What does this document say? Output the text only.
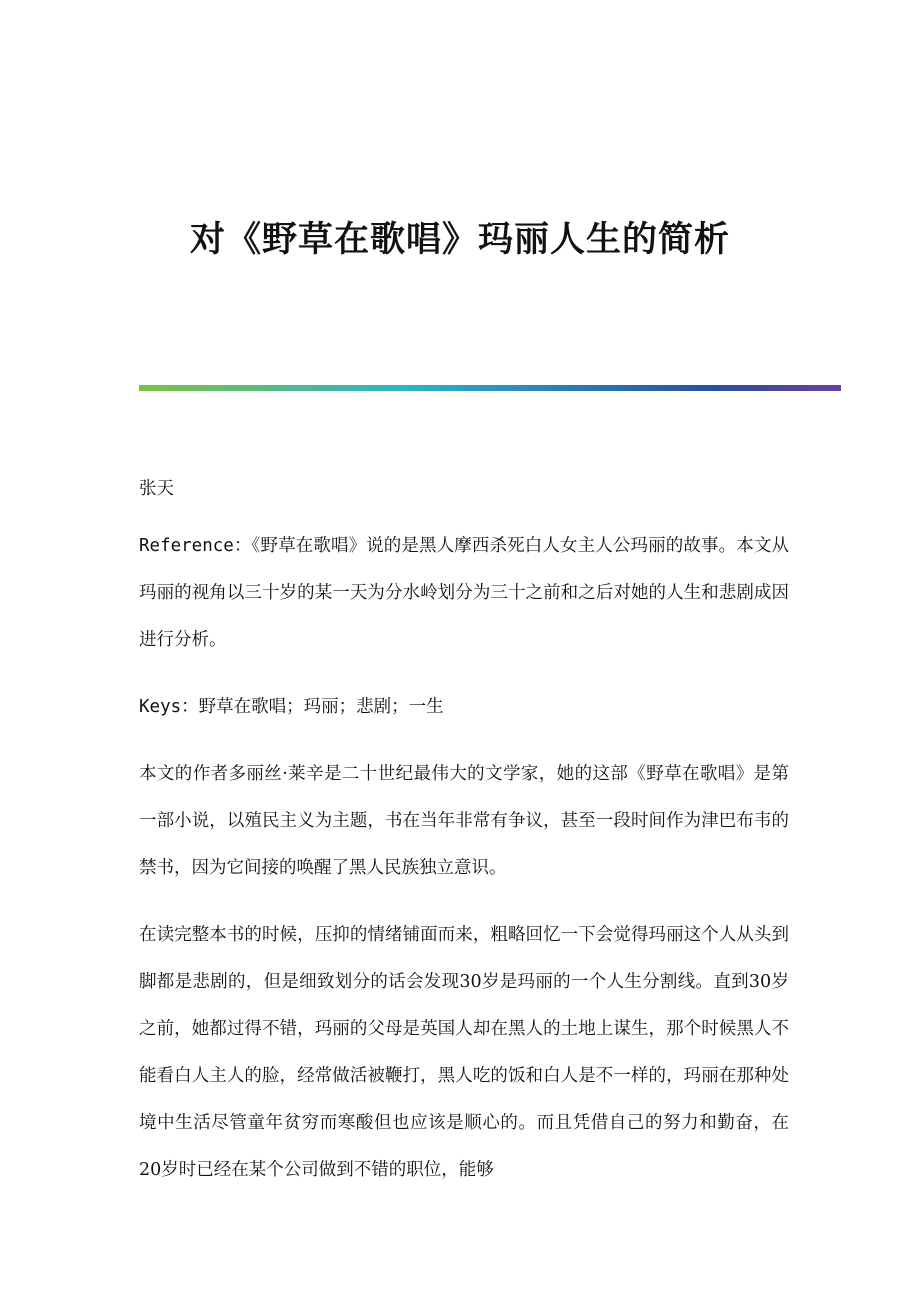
对《野草在歌唱》玛丽人生的简析

张天

Reference：《野草在歌唱》说的是黑人摩西杀死白人女主人公玛丽的故事。本文从玛丽的视角以三十岁的某一天为分水岭划分为三十之前和之后对她的人生和悲剧成因进行分析。

Keys：野草在歌唱；玛丽；悲剧；一生

本文的作者多丽丝·莱辛是二十世纪最伟大的文学家，她的这部《野草在歌唱》是第一部小说，以殖民主义为主题，书在当年非常有争议，甚至一段时间作为津巴布韦的禁书，因为它间接的唤醒了黑人民族独立意识。

在读完整本书的时候，压抑的情绪铺面而来，粗略回忆一下会觉得玛丽这个人从头到脚都是悲剧的，但是细致划分的话会发现30岁是玛丽的一个人生分割线。直到30岁之前，她都过得不错，玛丽的父母是英国人却在黑人的土地上谋生，那个时候黑人不能看白人主人的脸，经常做活被鞭打，黑人吃的饭和白人是不一样的，玛丽在那种处境中生活尽管童年贫穷而寒酸但也应该是顺心的。而且凭借自己的努力和勤奋，在20岁时已经在某个公司做到不错的职位，能够
